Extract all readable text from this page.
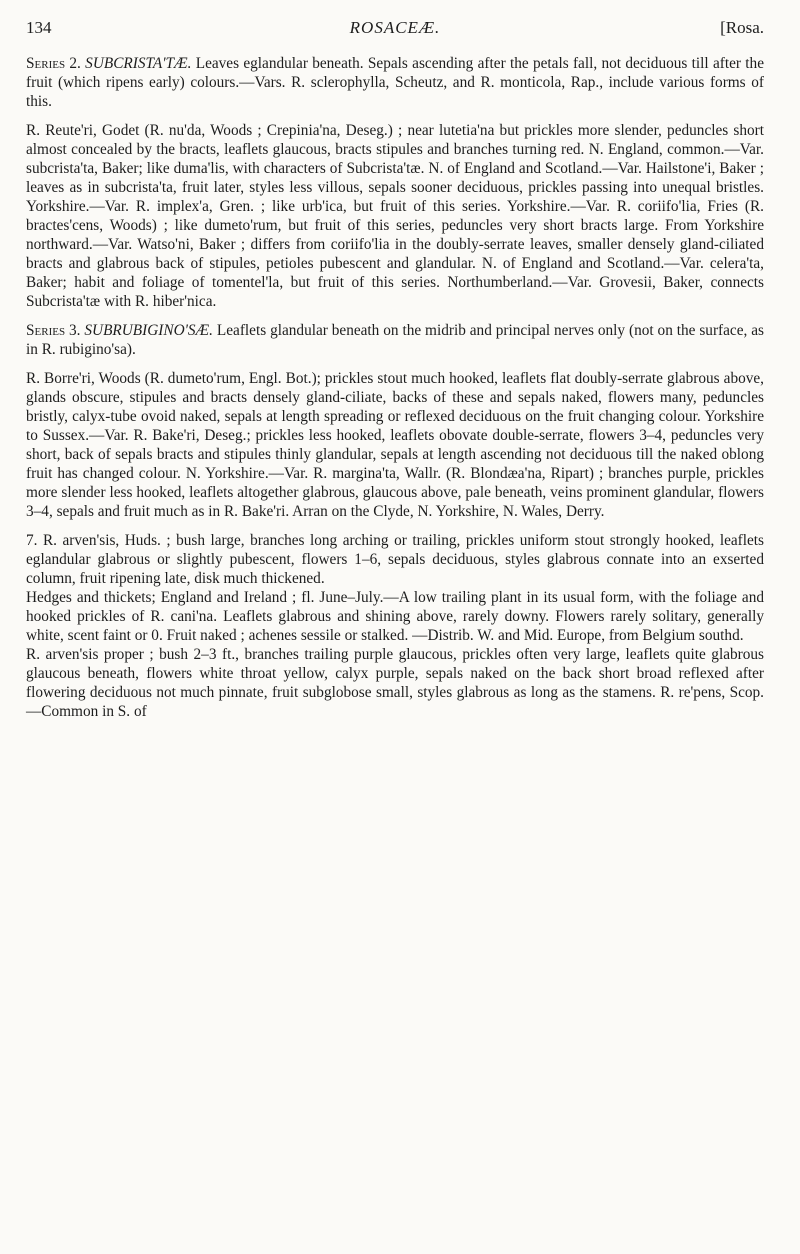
134	ROSACEÆ.	[Rosa.

Series 2. SUBCRISTA'TÆ. Leaves eglandular beneath. Sepals ascending after the petals fall, not deciduous till after the fruit (which ripens early) colours.—Vars. R. sclerophylla, Scheutz, and R. monticola, Rap., include various forms of this.

R. Reute'ri, Godet (R. nu'da, Woods ; Crepinia'na, Deseg.) ; near lutetia'na but prickles more slender, peduncles short almost concealed by the bracts, leaflets glaucous, bracts stipules and branches turning red. N. England, common.—Var. subcrista'ta, Baker; like duma'lis, with characters of Subcrista'tæ. N. of England and Scotland.—Var. Hailstone'i, Baker ; leaves as in subcrista'ta, fruit later, styles less villous, sepals sooner deciduous, prickles passing into unequal bristles. Yorkshire.—Var. R. implex'a, Gren. ; like urb'ica, but fruit of this series. Yorkshire.—Var. R. coriifo'lia, Fries (R. bractes'cens, Woods) ; like dumeto'rum, but fruit of this series, peduncles very short bracts large. From Yorkshire northward.—Var. Watso'ni, Baker ; differs from coriifo'lia in the doubly-serrate leaves, smaller densely gland-ciliated bracts and glabrous back of stipules, petioles pubescent and glandular. N. of England and Scotland.—Var. celera'ta, Baker; habit and foliage of tomentel'la, but fruit of this series. Northumberland.—Var. Grovesii, Baker, connects Subcrista'tæ with R. hiber'nica.

Series 3. SUBRUBIGINO'SÆ. Leaflets glandular beneath on the midrib and principal nerves only (not on the surface, as in R. rubigino'sa).

R. Borre'ri, Woods (R. dumeto'rum, Engl. Bot.); prickles stout much hooked, leaflets flat doubly-serrate glabrous above, glands obscure, stipules and bracts densely gland-ciliate, backs of these and sepals naked, flowers many, peduncles bristly, calyx-tube ovoid naked, sepals at length spreading or reflexed deciduous on the fruit changing colour. Yorkshire to Sussex.—Var. R. Bake'ri, Deseg.; prickles less hooked, leaflets obovate double-serrate, flowers 3–4, peduncles very short, back of sepals bracts and stipules thinly glandular, sepals at length ascending not deciduous till the naked oblong fruit has changed colour. N. Yorkshire.—Var. R. margina'ta, Wallr. (R. Blondæa'na, Ripart) ; branches purple, prickles more slender less hooked, leaflets altogether glabrous, glaucous above, pale beneath, veins prominent glandular, flowers 3–4, sepals and fruit much as in R. Bake'ri. Arran on the Clyde, N. Yorkshire, N. Wales, Derry.

7. R. arven'sis, Huds. ; bush large, branches long arching or trailing, prickles uniform stout strongly hooked, leaflets eglandular glabrous or slightly pubescent, flowers 1–6, sepals deciduous, styles glabrous connate into an exserted column, fruit ripening late, disk much thickened.

Hedges and thickets; England and Ireland ; fl. June–July.—A low trailing plant in its usual form, with the foliage and hooked prickles of R. cani'na. Leaflets glabrous and shining above, rarely downy. Flowers rarely solitary, generally white, scent faint or 0. Fruit naked ; achenes sessile or stalked. —Distrib. W. and Mid. Europe, from Belgium southd.

R. arven'sis proper ; bush 2–3 ft., branches trailing purple glaucous, prickles often very large, leaflets quite glabrous glaucous beneath, flowers white throat yellow, calyx purple, sepals naked on the back short broad reflexed after flowering deciduous not much pinnate, fruit subglobose small, styles glabrous as long as the stamens. R. re'pens, Scop.—Common in S. of
